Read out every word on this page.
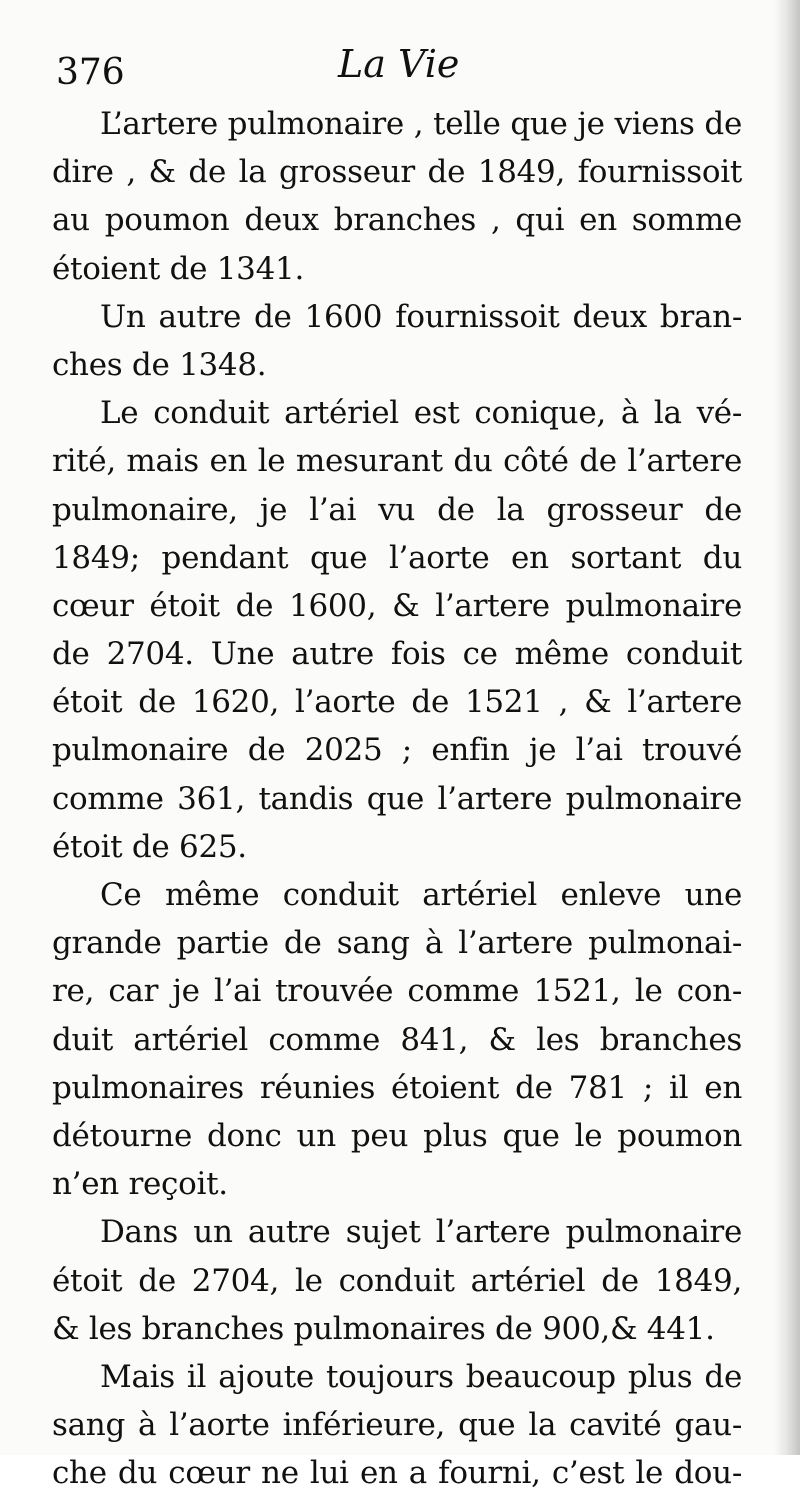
376	La Vie

L’artere pulmonaire , telle que je viens de
dire , & de la grosseur de 1849, fournissoit
au poumon deux branches , qui en somme
étoient de 1341.
Un autre de 1600 fournissoit deux bran-
ches de 1348.
Le conduit artériel est conique, à la vé-
rité, mais en le mesurant du côté de l’artere
pulmonaire, je l’ai vu de la grosseur de
1849; pendant que l’aorte en sortant du
cœur étoit de 1600, & l’artere pulmonaire
de 2704. Une autre fois ce même conduit
étoit de 1620, l’aorte de 1521 , & l’artere
pulmonaire de 2025 ; enfin je l’ai trouvé
comme 361, tandis que l’artere pulmonaire
étoit de 625.
Ce même conduit artériel enleve une
grande partie de sang à l’artere pulmonai-
re, car je l’ai trouvée comme 1521, le con-
duit artériel comme 841, & les branches
pulmonaires réunies étoient de 781 ; il en
détourne donc un peu plus que le poumon
n’en reçoit.
Dans un autre sujet l’artere pulmonaire
étoit de 2704, le conduit artériel de 1849,
& les branches pulmonaires de 900,& 441.
Mais il ajoute toujours beaucoup plus de
sang à l’aorte inférieure, que la cavité gau-
che du cœur ne lui en a fourni, c’est le dou-
